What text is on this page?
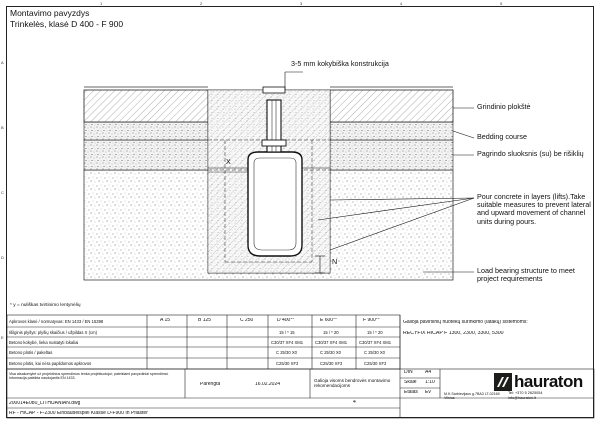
1	2	3	4	5
A
B
C
D
E
Montavimo pavyzdys
Trinkelės, klasė D 400 - F 900
3-5 mm kokybiška konstrukcija
Grindinio plokštė
Bedding course
Pagrindo sluoksnis (su) be rišiklių
Pour concrete in layers (lifts).Take suitable measures to prevent lateral and upward movement of channel units during pours.
Load bearing structure to meet project requirements
X
N
* y = nuliškas tvirtinimo lentynėlių
Apkrovos klasė / normatyvas: EN 1433 / EN 15398	A 15	B 125	C 250	D 400**	E 600**	F 900**
Išilginis plyšys: plyšių skaičius / užpildas X (cm)	15 / * 15	15 / * 20	15 / * 20
Betono kokybė, lieka nustatyti lokaliai	C30/37 XF4 XM1	C30/37 XF4 XM1	C30/37 XF4 XM1
Betono plotis / pakeltas	C 25/30 X0	C 25/30 X0	C 25/30 X0
Betono plotis, kai nėra papildomos apkrovos	C25/30 XF3	C25/30 XF3	C25/30 XF3
Galioja paviršinių nuotekų surinkimo (latakų) sistemoms:
RECYFIX HICAP F 1300, 2300, 3300, 5300
Visa atsakomybė už projektinius sprendimus tenka projektuotojui; pateikiami pavyzdiniai sprendimai. Informacija pateikta naudojantis EN 1433.
Parengta	16.02.2024
Galioja visoms bendrovės montavimo rekomendacijoms
DIN A4
Skalė 1:10
Etalas Ev
4
200014E080_LITHUANIAN.dwg
RF - HICAP - F-2300 Einbaubeispiel Klasse D-F900 In Pflaster
M.K.Sarbievijaus g.7BA3 LT-02169 Vilnius
Tel: +370 5 2625054
info@hauraton.lt
hauraton
